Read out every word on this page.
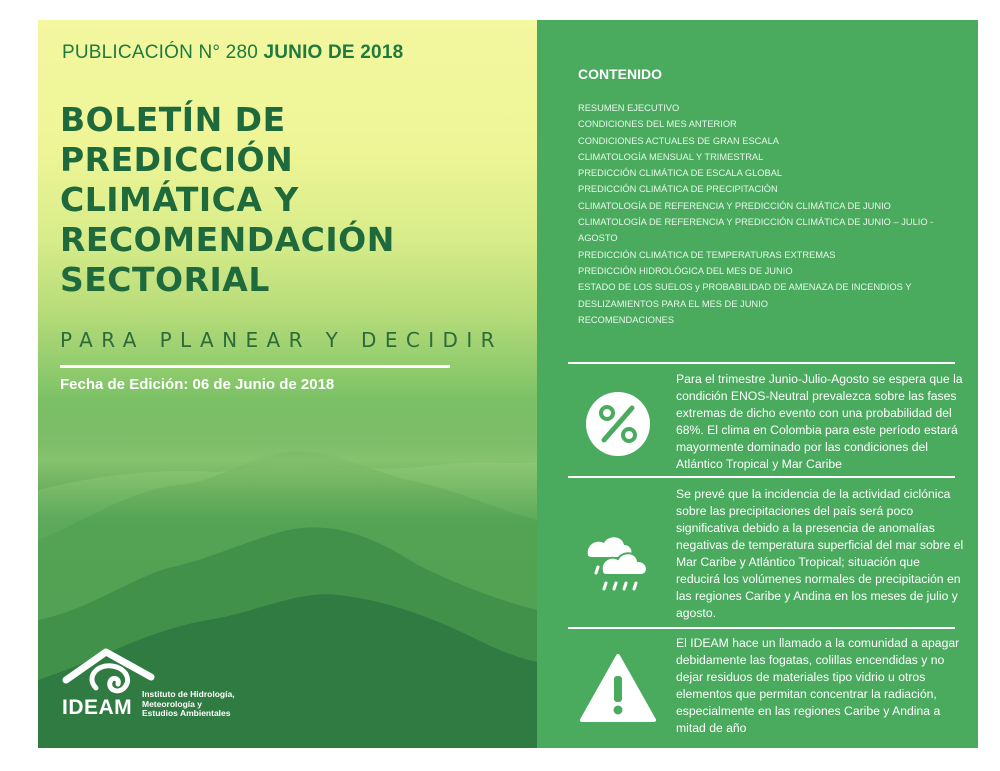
PUBLICACIÓN N° 280 JUNIO DE 2018
BOLETÍN DE
PREDICCIÓN
CLIMÁTICA Y
RECOMENDACIÓN
SECTORIAL
PARA PLANEAR Y DECIDIR
Fecha de Edición: 06 de Junio de 2018
IDEAM
Instituto de Hidrología,
Meteorología y
Estudios Ambientales
CONTENIDO
RESUMEN EJECUTIVO
CONDICIONES DEL MES ANTERIOR
CONDICIONES ACTUALES DE GRAN ESCALA
CLIMATOLOGÍA MENSUAL Y TRIMESTRAL
PREDICCIÓN CLIMÁTICA DE ESCALA GLOBAL
PREDICCIÓN CLIMÁTICA DE PRECIPITACIÓN
CLIMATOLOGÍA DE REFERENCIA Y PREDICCIÓN CLIMÁTICA DE JUNIO
CLIMATOLOGÍA DE REFERENCIA Y PREDICCIÓN CLIMÁTICA DE JUNIO – JULIO - AGOSTO
PREDICCIÓN CLIMÁTICA DE TEMPERATURAS EXTREMAS
PREDICCIÓN HIDROLÓGICA DEL MES DE JUNIO
ESTADO DE LOS SUELOS y PROBABILIDAD DE AMENAZA DE INCENDIOS Y DESLIZAMIENTOS PARA EL MES DE JUNIO
RECOMENDACIONES
Para el trimestre Junio-Julio-Agosto se espera que la condición ENOS-Neutral prevalezca sobre las fases extremas de dicho evento con una probabilidad del 68%. El clima en Colombia para este período estará mayormente dominado por las condiciones del Atlántico Tropical y Mar Caribe
Se prevé que la incidencia de la actividad ciclónica sobre las precipitaciones del país será poco significativa debido a la presencia de anomalías negativas de temperatura superficial del mar sobre el Mar Caribe y Atlántico Tropical; situación que reducirá los volúmenes normales de precipitación en las regiones Caribe y Andina en los meses de julio y agosto.
El IDEAM hace un llamado a la comunidad a apagar debidamente las fogatas, colillas encendidas y no dejar residuos de materiales tipo vidrio u otros elementos que permitan concentrar la radiación, especialmente en las regiones Caribe y Andina a mitad de año
